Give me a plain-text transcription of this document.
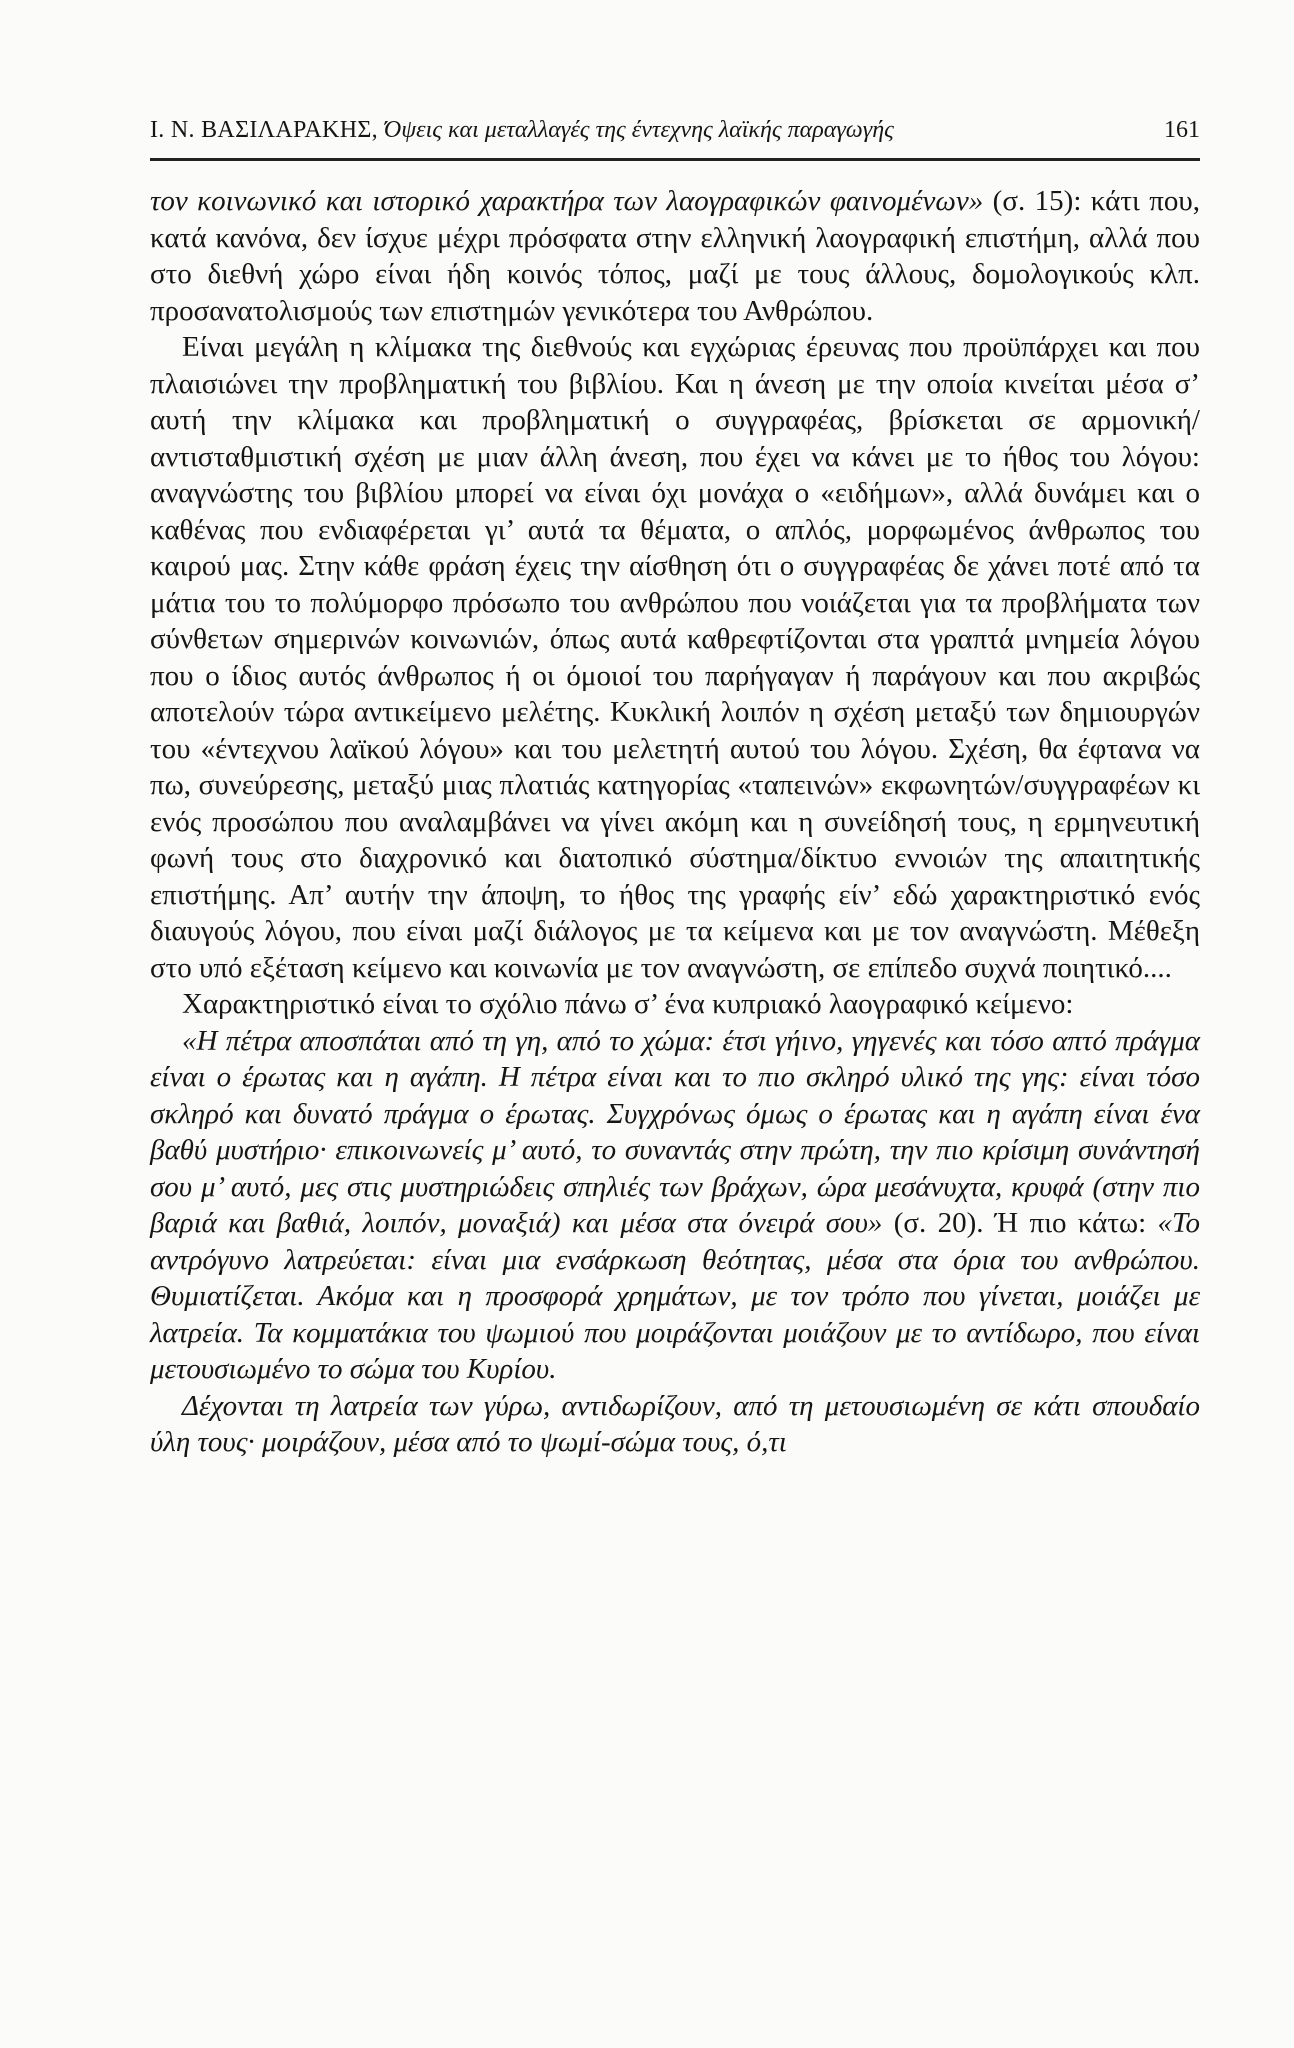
Ι. Ν. ΒΑΣΙΛΑΡΑΚΗΣ, Όψεις και μεταλλαγές της έντεχνης λαϊκής παραγωγής	161

τον κοινωνικό και ιστορικό χαρακτήρα των λαογραφικών φαινομένων» (σ. 15): κάτι που, κατά κανόνα, δεν ίσχυε μέχρι πρόσφατα στην ελληνική λαογραφική επιστήμη, αλλά που στο διεθνή χώρο είναι ήδη κοινός τόπος, μαζί με τους άλλους, δομολογικούς κλπ. προσανατολισμούς των επιστημών γενικότερα του Ανθρώπου.

Είναι μεγάλη η κλίμακα της διεθνούς και εγχώριας έρευνας που προϋπάρχει και που πλαισιώνει την προβληματική του βιβλίου. Και η άνεση με την οποία κινείται μέσα σ’ αυτή την κλίμακα και προβληματική ο συγγραφέας, βρίσκεται σε αρμονική/αντισταθμιστική σχέση με μιαν άλλη άνεση, που έχει να κάνει με το ήθος του λόγου: αναγνώστης του βιβλίου μπορεί να είναι όχι μονάχα ο «ειδήμων», αλλά δυνάμει και ο καθένας που ενδιαφέρεται γι’ αυτά τα θέματα, ο απλός, μορφωμένος άνθρωπος του καιρού μας. Στην κάθε φράση έχεις την αίσθηση ότι ο συγγραφέας δε χάνει ποτέ από τα μάτια του το πολύμορφο πρόσωπο του ανθρώπου που νοιάζεται για τα προβλήματα των σύνθετων σημερινών κοινωνιών, όπως αυτά καθρεφτίζονται στα γραπτά μνημεία λόγου που ο ίδιος αυτός άνθρωπος ή οι όμοιοί του παρήγαγαν ή παράγουν και που ακριβώς αποτελούν τώρα αντικείμενο μελέτης. Κυκλική λοιπόν η σχέση μεταξύ των δημιουργών του «έντεχνου λαϊκού λόγου» και του μελετητή αυτού του λόγου. Σχέση, θα έφτανα να πω, συνεύρεσης, μεταξύ μιας πλατιάς κατηγορίας «ταπεινών» εκφωνητών/συγγραφέων κι ενός προσώπου που αναλαμβάνει να γίνει ακόμη και η συνείδησή τους, η ερμηνευτική φωνή τους στο διαχρονικό και διατοπικό σύστημα/δίκτυο εννοιών της απαιτητικής επιστήμης. Απ’ αυτήν την άποψη, το ήθος της γραφής είν’ εδώ χαρακτηριστικό ενός διαυγούς λόγου, που είναι μαζί διάλογος με τα κείμενα και με τον αναγνώστη. Μέθεξη στο υπό εξέταση κείμενο και κοινωνία με τον αναγνώστη, σε επίπεδο συχνά ποιητικό....

Χαρακτηριστικό είναι το σχόλιο πάνω σ’ ένα κυπριακό λαογραφικό κείμενο:

«Η πέτρα αποσπάται από τη γη, από το χώμα: έτσι γήινο, γηγενές και τόσο απτό πράγμα είναι ο έρωτας και η αγάπη. Η πέτρα είναι και το πιο σκληρό υλικό της γης: είναι τόσο σκληρό και δυνατό πράγμα ο έρωτας. Συγχρόνως όμως ο έρωτας και η αγάπη είναι ένα βαθύ μυστήριο· επικοινωνείς μ’ αυτό, το συναντάς στην πρώτη, την πιο κρίσιμη συνάντησή σου μ’ αυτό, μες στις μυστηριώδεις σπηλιές των βράχων, ώρα μεσάνυχτα, κρυφά (στην πιο βαριά και βαθιά, λοιπόν, μοναξιά) και μέσα στα όνειρά σου» (σ. 20). Ή πιο κάτω: «Το αντρόγυνο λατρεύεται: είναι μια ενσάρκωση θεότητας, μέσα στα όρια του ανθρώπου. Θυμιατίζεται. Ακόμα και η προσφορά χρημάτων, με τον τρόπο που γίνεται, μοιάζει με λατρεία. Τα κομματάκια του ψωμιού που μοιράζονται μοιάζουν με το αντίδωρο, που είναι μετουσιωμένο το σώμα του Κυρίου.

Δέχονται τη λατρεία των γύρω, αντιδωρίζουν, από τη μετουσιωμένη σε κάτι σπουδαίο ύλη τους· μοιράζουν, μέσα από το ψωμί-σώμα τους, ό,τι
